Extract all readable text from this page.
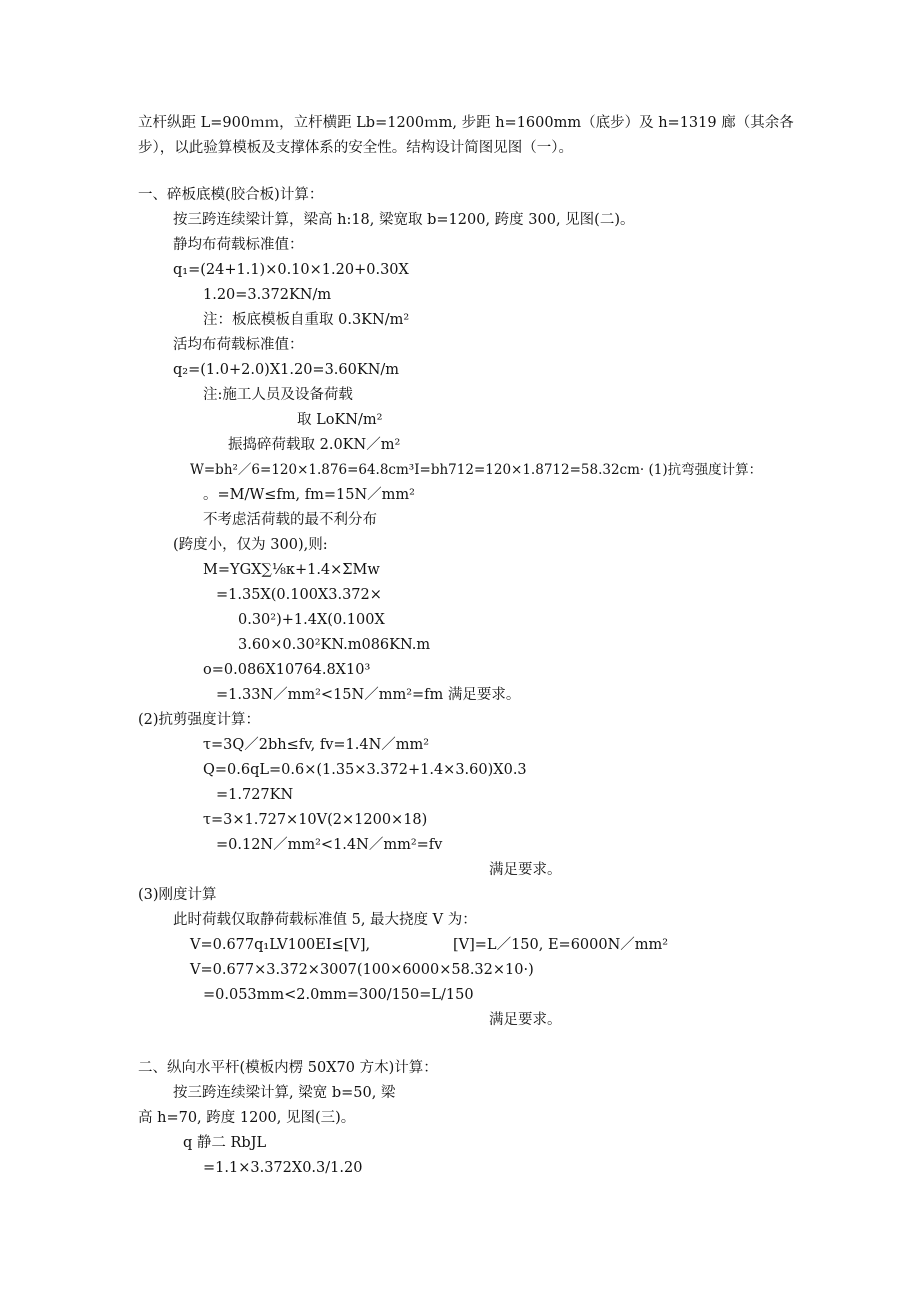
立杆纵距 L=900ｍｍ，立杆横距 Lb=1200ｍm, 步距 h=1600mm（底步）及 h=1319 廊（其余各
步），以此验算模板及支撑体系的安全性。结构设计简图见图（一）。
一、碎板底模(胶合板)计算：
按三跨连续梁计算，梁高 h:18, 梁宽取 b=1200, 跨度 300, 见图(二)。
静均布荷载标准值：
q₁=(24+1.1)×0.10×1.20+0.30X
1.20=3.372KN/m
注：板底模板自重取 0.3KN/m²
活均布荷载标准值：
q₂=(1.0+2.0)X1.20=3.60KN/m
注:施工人员及设备荷载
取 LoKN/m²
振捣碎荷载取 2.0KN／m²
W=bh²／6=120×1.876=64.8cm³I=bh712=120×1.8712=58.32cm· (1)抗弯强度计算：
。=M/W≤fm, fm=15N／mm²
不考虑活荷载的最不利分布
(跨度小，仅为 300),则:
M=YGX∑⅛κ+1.4×ΣMw
=1.35X(0.100X3.372×
0.30²)+1.4X(0.100X
3.60×0.30²KN.m086KN.m
o=0.086X10764.8X10³
=1.33N／mm²<15N／mm²=fm 满足要求。
(2)抗剪强度计算：
τ=3Q／2bh≤fv, fv=1.4N／mm²
Q=0.6qL=0.6×(1.35×3.372+1.4×3.60)X0.3
=1.727KN
τ=3×1.727×10V(2×1200×18)
=0.12N／mm²<1.4N／mm²=fv
满足要求。
(3)刚度计算
此时荷载仅取静荷载标准值 5, 最大挠度 V 为：
V=0.677q₁LV100EI≤[V],	[V]=L／150, E=6000N／mm²
V=0.677×3.372×3007(100×6000×58.32×10·)
=0.053mm<2.0mm=300/150=L/150
满足要求。
二、纵向水平杆(模板内楞 50X70 方木)计算：
按三跨连续梁计算, 梁宽 b=50, 梁
高 h=70, 跨度 1200, 见图(三)。
q 静二 RbJL
=1.1×3.372X0.3/1.20
